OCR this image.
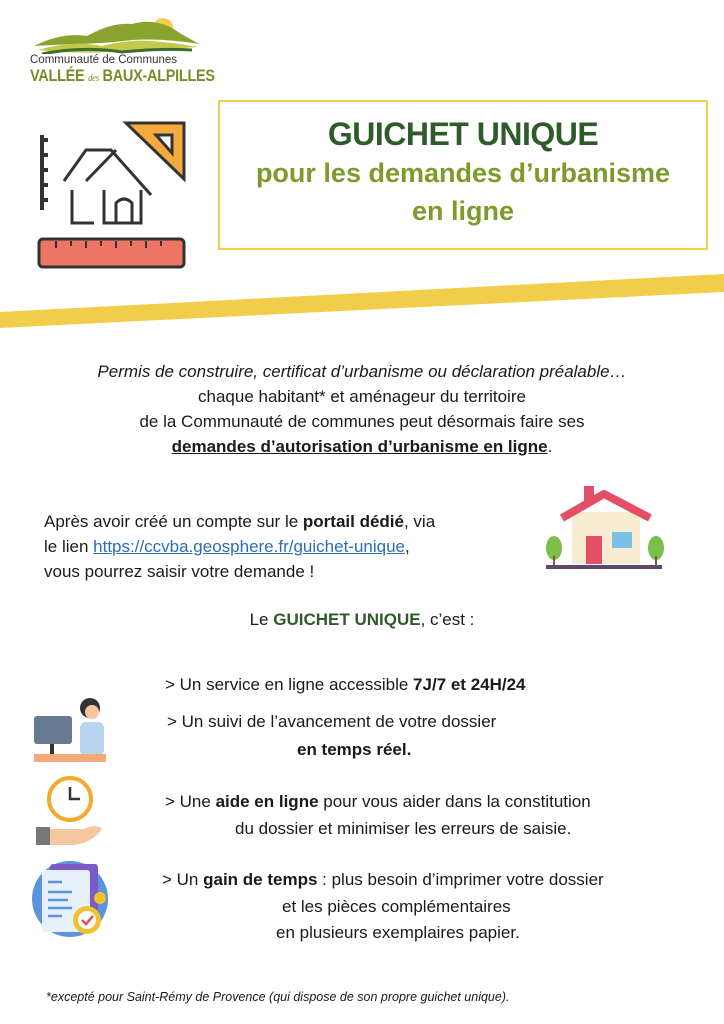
Communauté de Communes
VALLÉE des BAUX-ALPILLES
GUICHET UNIQUE
pour les demandes d’urbanisme
en ligne
Permis de construire, certificat d’urbanisme ou déclaration préalable…
chaque habitant* et aménageur du territoire
de la Communauté de communes peut désormais faire ses
demandes d’autorisation d’urbanisme en ligne.
Après avoir créé un compte sur le portail dédié, via
le lien https://ccvba.geosphere.fr/guichet-unique,
vous pourrez saisir votre demande !
Le GUICHET UNIQUE, c’est :
> Un service en ligne accessible 7J/7 et 24H/24
> Un suivi de l’avancement de votre dossier
en temps réel.
> Une aide en ligne pour vous aider dans la constitution
du dossier et minimiser les erreurs de saisie.
> Un gain de temps : plus besoin d’imprimer votre dossier
et les pièces complémentaires
en plusieurs exemplaires papier.
*excepté pour Saint-Rémy de Provence (qui dispose de son propre guichet unique).
